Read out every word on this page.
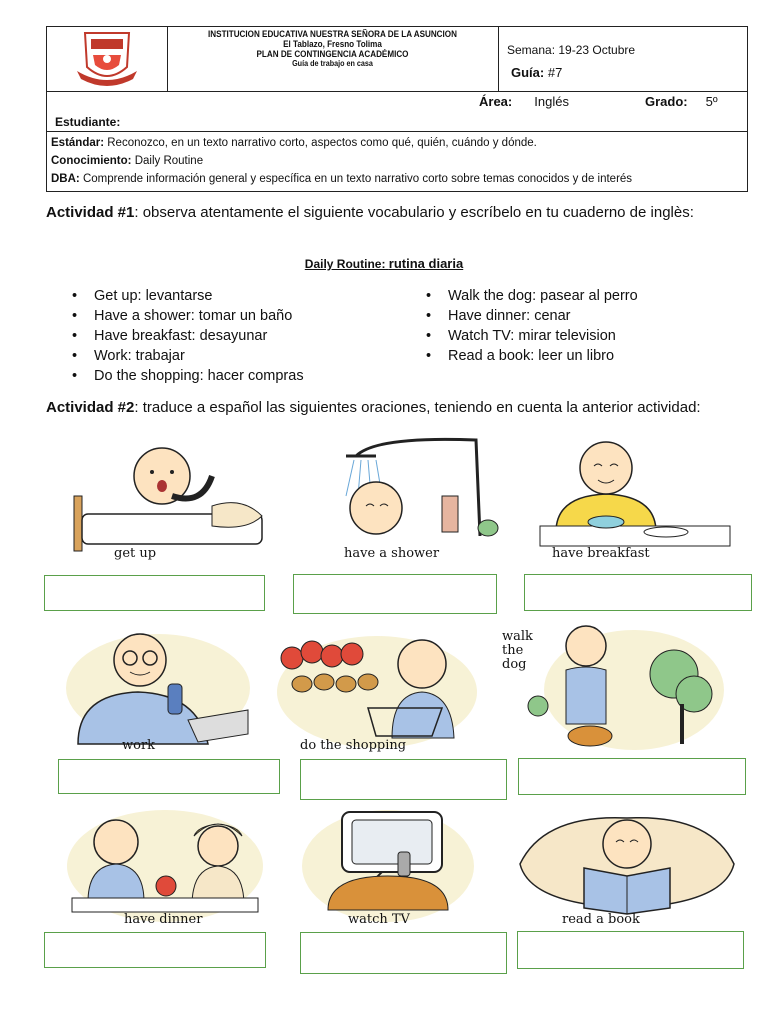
INSTITUCION EDUCATIVA NUESTRA SEÑORA DE LA ASUNCION
El Tablazo, Fresno Tolima
PLAN DE CONTINGENCIA ACADÉMICO
Guía de trabajo en casa
Semana: 19-23 Octubre
Guía: #7
Área: Inglés	Grado: 5º
Estudiante:
Estándar: Reconozco, en un texto narrativo corto, aspectos como qué, quién, cuándo y dónde.
Conocimiento: Daily Routine
DBA: Comprende información general y específica en un texto narrativo corto sobre temas conocidos y de interés
Actividad #1: observa atentamente el siguiente vocabulario y escríbelo en tu cuaderno de inglès:
Daily Routine: rutina diaria
• Get up: levantarse
• Have a shower: tomar un baño
• Have breakfast: desayunar
• Work: trabajar
• Do the shopping: hacer compras
• Walk the dog: pasear al perro
• Have dinner: cenar
• Watch TV: mirar television
• Read a book: leer un libro
Actividad #2: traduce a español las siguientes oraciones, teniendo en cuenta la anterior actividad:
get up	have a shower	have breakfast
work	do the shopping
walk the dog
have dinner	watch TV	read a book
